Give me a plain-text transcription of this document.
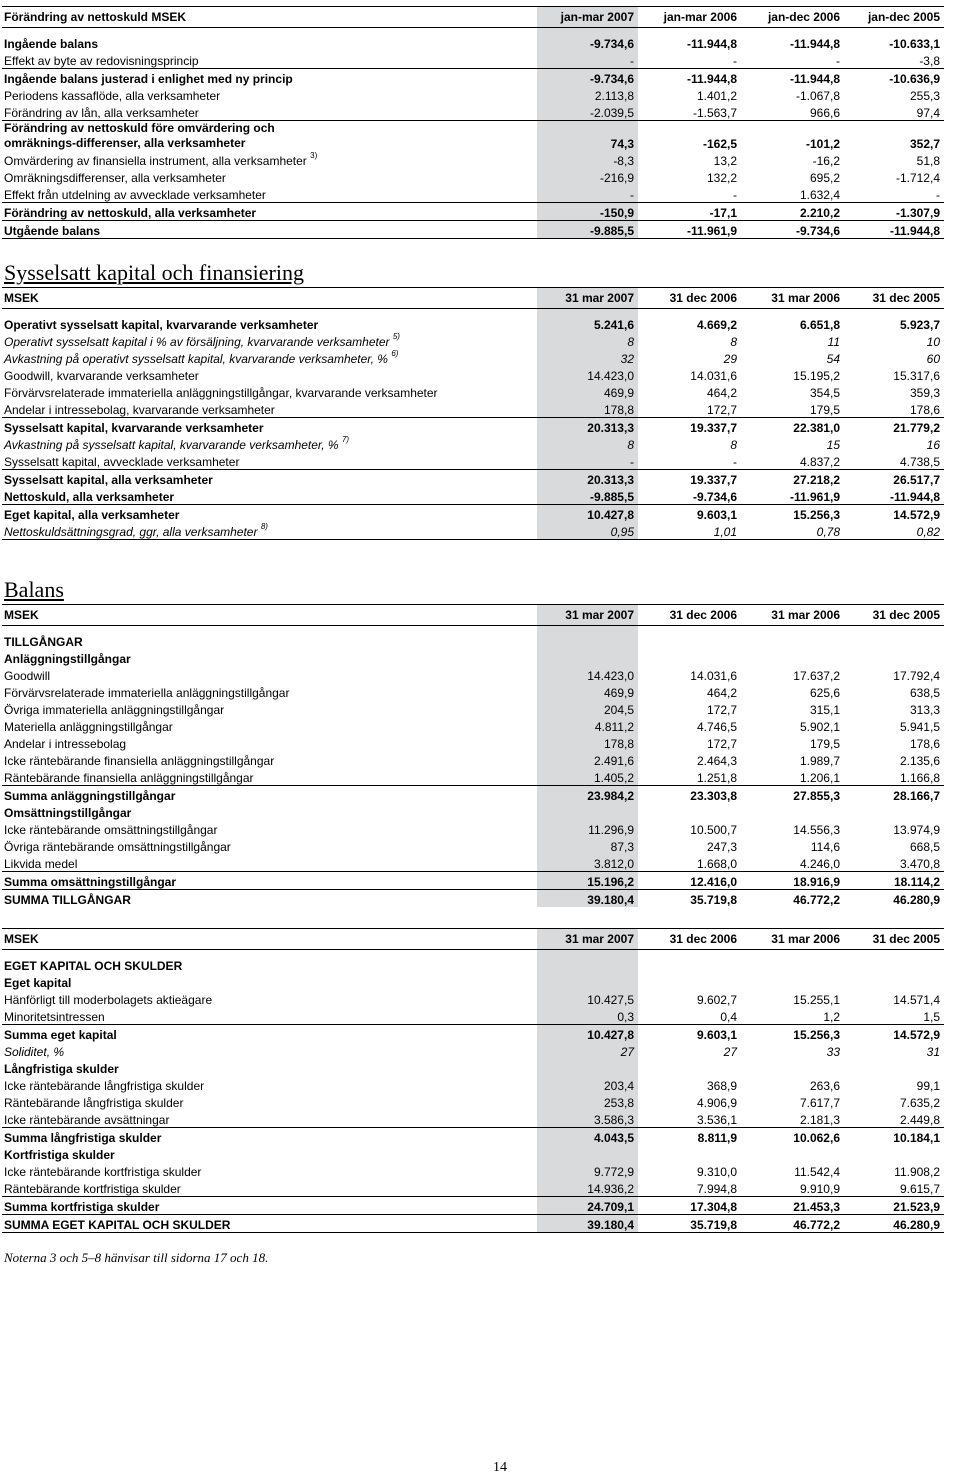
Förändring av nettoskuld MSEK	jan-mar 2007	jan-mar 2006	jan-dec 2006	jan-dec 2005

Ingående balans	-9.734,6	-11.944,8	-11.944,8	-10.633,1
Effekt av byte av redovisningsprincip	-	-	-	-3,8
Ingående balans justerad i enlighet med ny princip	-9.734,6	-11.944,8	-11.944,8	-10.636,9
Periodens kassaflöde, alla verksamheter	2.113,8	1.401,2	-1.067,8	255,3
Förändring av lån, alla verksamheter	-2.039,5	-1.563,7	966,6	97,4

Förändring av nettoskuld före omvärdering och omräknings-differenser, alla verksamheter	74,3	-162,5	-101,2	352,7
Omvärdering av finansiella instrument, alla verksamheter $^{3)}$	-8,3	13,2	-16,2	51,8
Omräkningsdifferenser, alla verksamheter	-216,9	132,2	695,2	-1.712,4
Effekt från utdelning av avvecklade verksamheter	-	-	1.632,4	-
Förändring av nettoskuld, alla verksamheter	-150,9	-17,1	2.210,2	-1.307,9
Utgående balans	-9.885,5	-11.961,9	-9.734,6	-11.944,8
Sysselsatt kapital och finansiering
MSEK	31 mar 2007	31 dec 2006	31 mar 2006	31 dec 2005

Operativt sysselsatt kapital, kvarvarande verksamheter	5.241,6	4.669,2	6.651,8	5.923,7
Operativt sysselsatt kapital i % av försäljning, kvarvarande verksamheter $^{5)}$	8	8	11	10
Avkastning på operativt sysselsatt kapital, kvarvarande verksamheter, % $^{6)}$	32	29	54	60
Goodwill, kvarvarande verksamheter	14.423,0	14.031,6	15.195,2	15.317,6
Förvärvsrelaterade immateriella anläggningstillgångar, kvarvarande verksamheter	469,9	464,2	354,5	359,3
Andelar i intressebolag, kvarvarande verksamheter	178,8	172,7	179,5	178,6
Sysselsatt kapital, kvarvarande verksamheter	20.313,3	19.337,7	22.381,0	21.779,2
Avkastning på sysselsatt kapital, kvarvarande verksamheter, % $^{7)}$	8	8	15	16
Sysselsatt kapital, avvecklade verksamheter	-	-	4.837,2	4.738,5
Sysselsatt kapital, alla verksamheter	20.313,3	19.337,7	27.218,2	26.517,7
Nettoskuld, alla verksamheter	-9.885,5	-9.734,6	-11.961,9	-11.944,8
Eget kapital, alla verksamheter	10.427,8	9.603,1	15.256,3	14.572,9
Nettoskuldsättningsgrad, ggr, alla verksamheter $^{8)}$	0,95	1,01	0,78	0,82
Balans
MSEK	31 mar 2007	31 dec 2006	31 mar 2006	31 dec 2005

TILLGÅNGAR				
Anläggningstillgångar				
Goodwill	14.423,0	14.031,6	17.637,2	17.792,4
Förvärvsrelaterade immateriella anläggningstillgångar	469,9	464,2	625,6	638,5
Övriga immateriella anläggningstillgångar	204,5	172,7	315,1	313,3
Materiella anläggningstillgångar	4.811,2	4.746,5	5.902,1	5.941,5
Andelar i intressebolag	178,8	172,7	179,5	178,6
Icke räntebärande finansiella anläggningstillgångar	2.491,6	2.464,3	1.989,7	2.135,6
Räntebärande finansiella anläggningstillgångar	1.405,2	1.251,8	1.206,1	1.166,8
Summa anläggningstillgångar	23.984,2	23.303,8	27.855,3	28.166,7
Omsättningstillgångar				
Icke räntebärande omsättningstillgångar	11.296,9	10.500,7	14.556,3	13.974,9
Övriga räntebärande omsättningstillgångar	87,3	247,3	114,6	668,5
Likvida medel	3.812,0	1.668,0	4.246,0	3.470,8
Summa omsättningstillgångar	15.196,2	12.416,0	18.916,9	18.114,2
SUMMA TILLGÅNGAR	39.180,4	35.719,8	46.772,2	46.280,9
MSEK	31 mar 2007	31 dec 2006	31 mar 2006	31 dec 2005

EGET KAPITAL OCH SKULDER				
Eget kapital				
Hänförligt till moderbolagets aktieägare	10.427,5	9.602,7	15.255,1	14.571,4
Minoritetsintressen	0,3	0,4	1,2	1,5
Summa eget kapital	10.427,8	9.603,1	15.256,3	14.572,9
Soliditet, %	27	27	33	31
Långfristiga skulder				
Icke räntebärande långfristiga skulder	203,4	368,9	263,6	99,1
Räntebärande långfristiga skulder	253,8	4.906,9	7.617,7	7.635,2
Icke räntebärande avsättningar	3.586,3	3.536,1	2.181,3	2.449,8
Summa långfristiga skulder	4.043,5	8.811,9	10.062,6	10.184,1
Kortfristiga skulder				
Icke räntebärande kortfristiga skulder	9.772,9	9.310,0	11.542,4	11.908,2
Räntebärande kortfristiga skulder	14.936,2	7.994,8	9.910,9	9.615,7
Summa kortfristiga skulder	24.709,1	17.304,8	21.453,3	21.523,9
SUMMA EGET KAPITAL OCH SKULDER	39.180,4	35.719,8	46.772,2	46.280,9
Noterna 3 och 5–8 hänvisar till sidorna 17 och 18.
14
